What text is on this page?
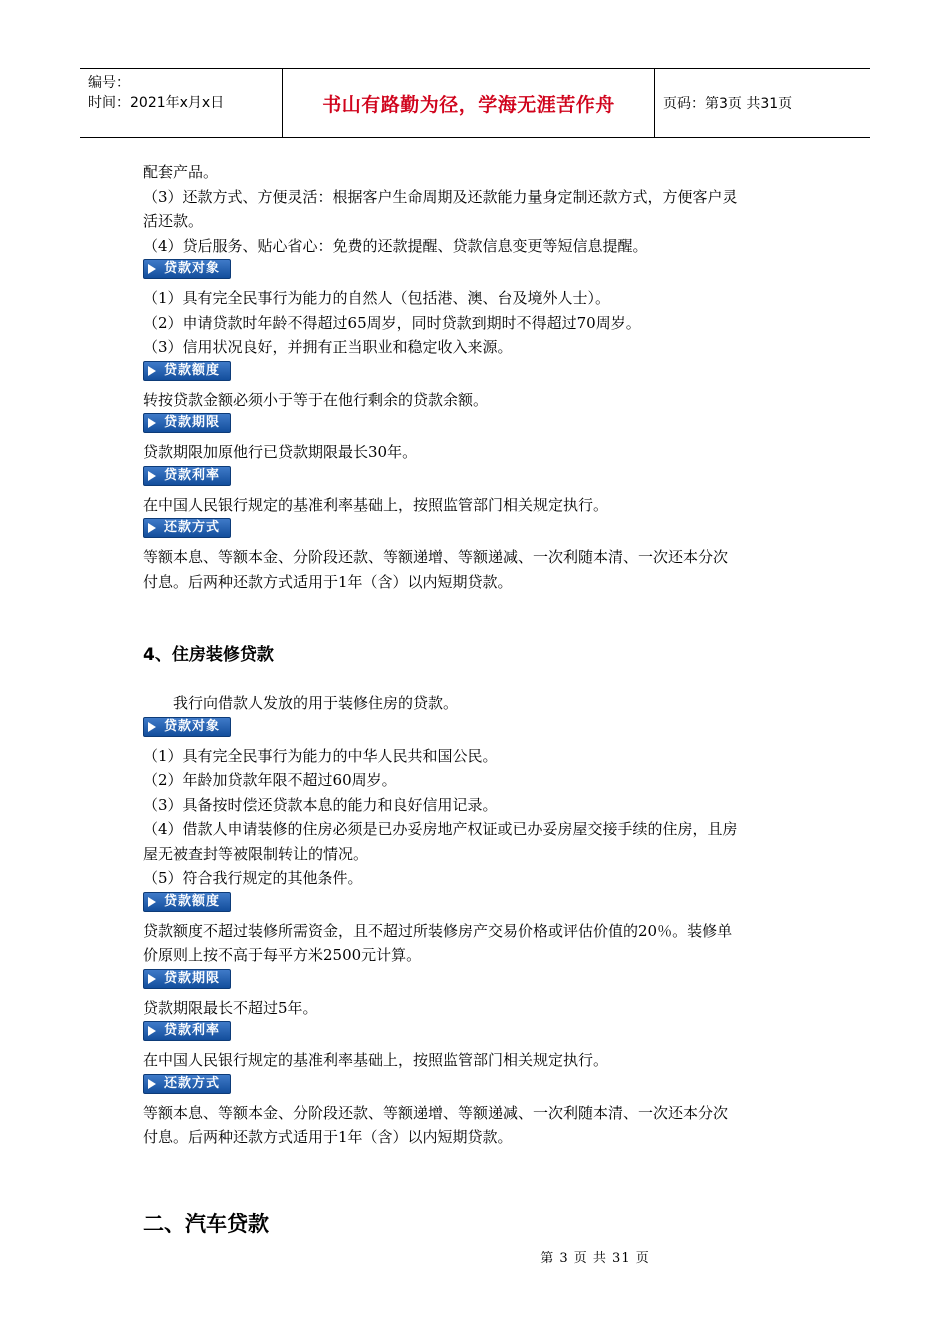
编号：
时间：2021年x月x日	书山有路勤为径，学海无涯苦作舟	页码：第3页 共31页

配套产品。

（3）还款方式、方便灵活：根据客户生命周期及还款能力量身定制还款方式，方便客户灵

活还款。

（4）贷后服务、贴心省心：免费的还款提醒、贷款信息变更等短信息提醒。

贷款对象

（1）具有完全民事行为能力的自然人（包括港、澳、台及境外人士）。

（2）申请贷款时年龄不得超过65周岁，同时贷款到期时不得超过70周岁。

（3）信用状况良好，并拥有正当职业和稳定收入来源。

贷款额度

转按贷款金额必须小于等于在他行剩余的贷款余额。

贷款期限

贷款期限加原他行已贷款期限最长30年。

贷款利率

在中国人民银行规定的基准利率基础上，按照监管部门相关规定执行。

还款方式

等额本息、等额本金、分阶段还款、等额递增、等额递减、一次利随本清、一次还本分次

付息。后两种还款方式适用于1年（含）以内短期贷款。

4、住房装修贷款

我行向借款人发放的用于装修住房的贷款。

贷款对象

（1）具有完全民事行为能力的中华人民共和国公民。

（2）年龄加贷款年限不超过60周岁。

（3）具备按时偿还贷款本息的能力和良好信用记录。

（4）借款人申请装修的住房必须是已办妥房地产权证或已办妥房屋交接手续的住房，且房

屋无被查封等被限制转让的情况。

（5）符合我行规定的其他条件。

贷款额度

贷款额度不超过装修所需资金，且不超过所装修房产交易价格或评估价值的20％。装修单

价原则上按不高于每平方米2500元计算。

贷款期限

贷款期限最长不超过5年。

贷款利率

在中国人民银行规定的基准利率基础上，按照监管部门相关规定执行。

还款方式

等额本息、等额本金、分阶段还款、等额递增、等额递减、一次利随本清、一次还本分次

付息。后两种还款方式适用于1年（含）以内短期贷款。

二、汽车贷款
第 3 页 共 31 页
